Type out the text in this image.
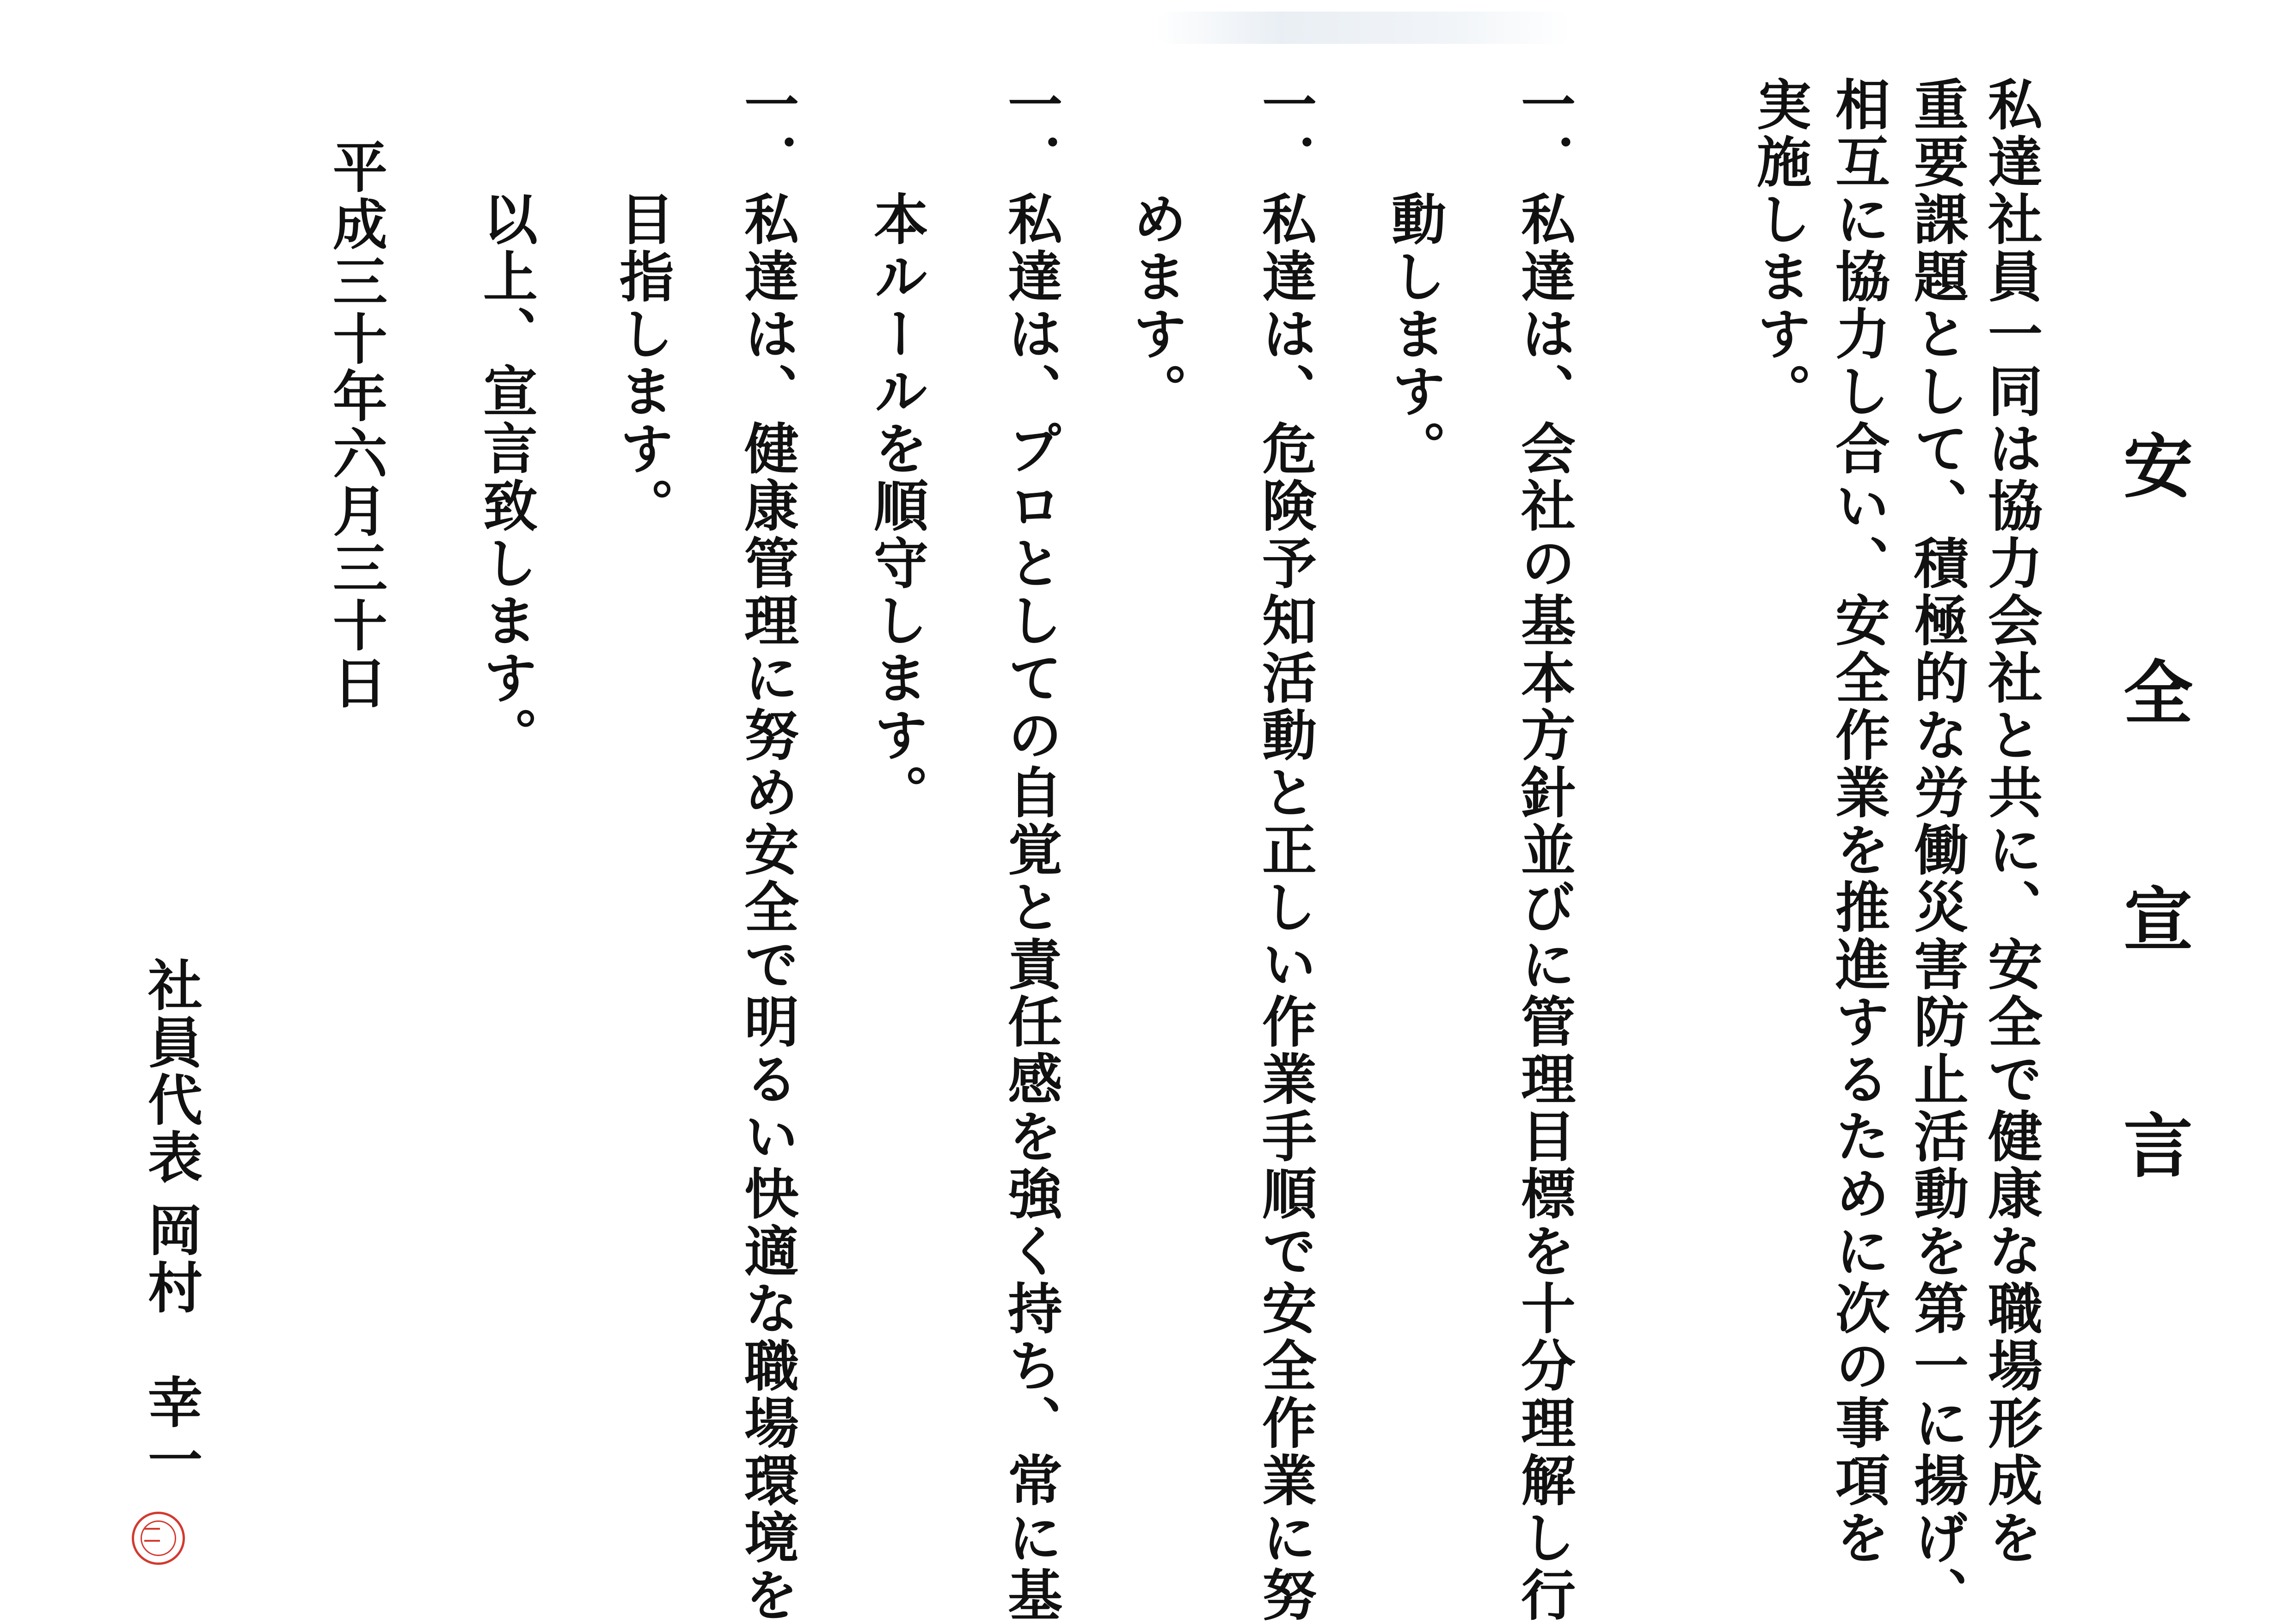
安　全　宣　言
私達社員一同は協力会社と共に、安全で健康な職場形成を
重要課題として、積極的な労働災害防止活動を第一に揚げ、
相互に協力し合い、安全作業を推進するために次の事項を
実施します。
一．私達は、会社の基本方針並びに管理目標を十分理解し行
　　動します。
一．私達は、危険予知活動と正しい作業手順で安全作業に努
　　めます。
一．私達は、プロとしての自覚と責任感を強く持ち、常に基
　　本ルールを順守します。
一．私達は、健康管理に努め安全で明るい快適な職場環境を
　　目指します。
　　以上、宣言致します。
平成三十年六月三十日
社員代表
岡村　幸一
